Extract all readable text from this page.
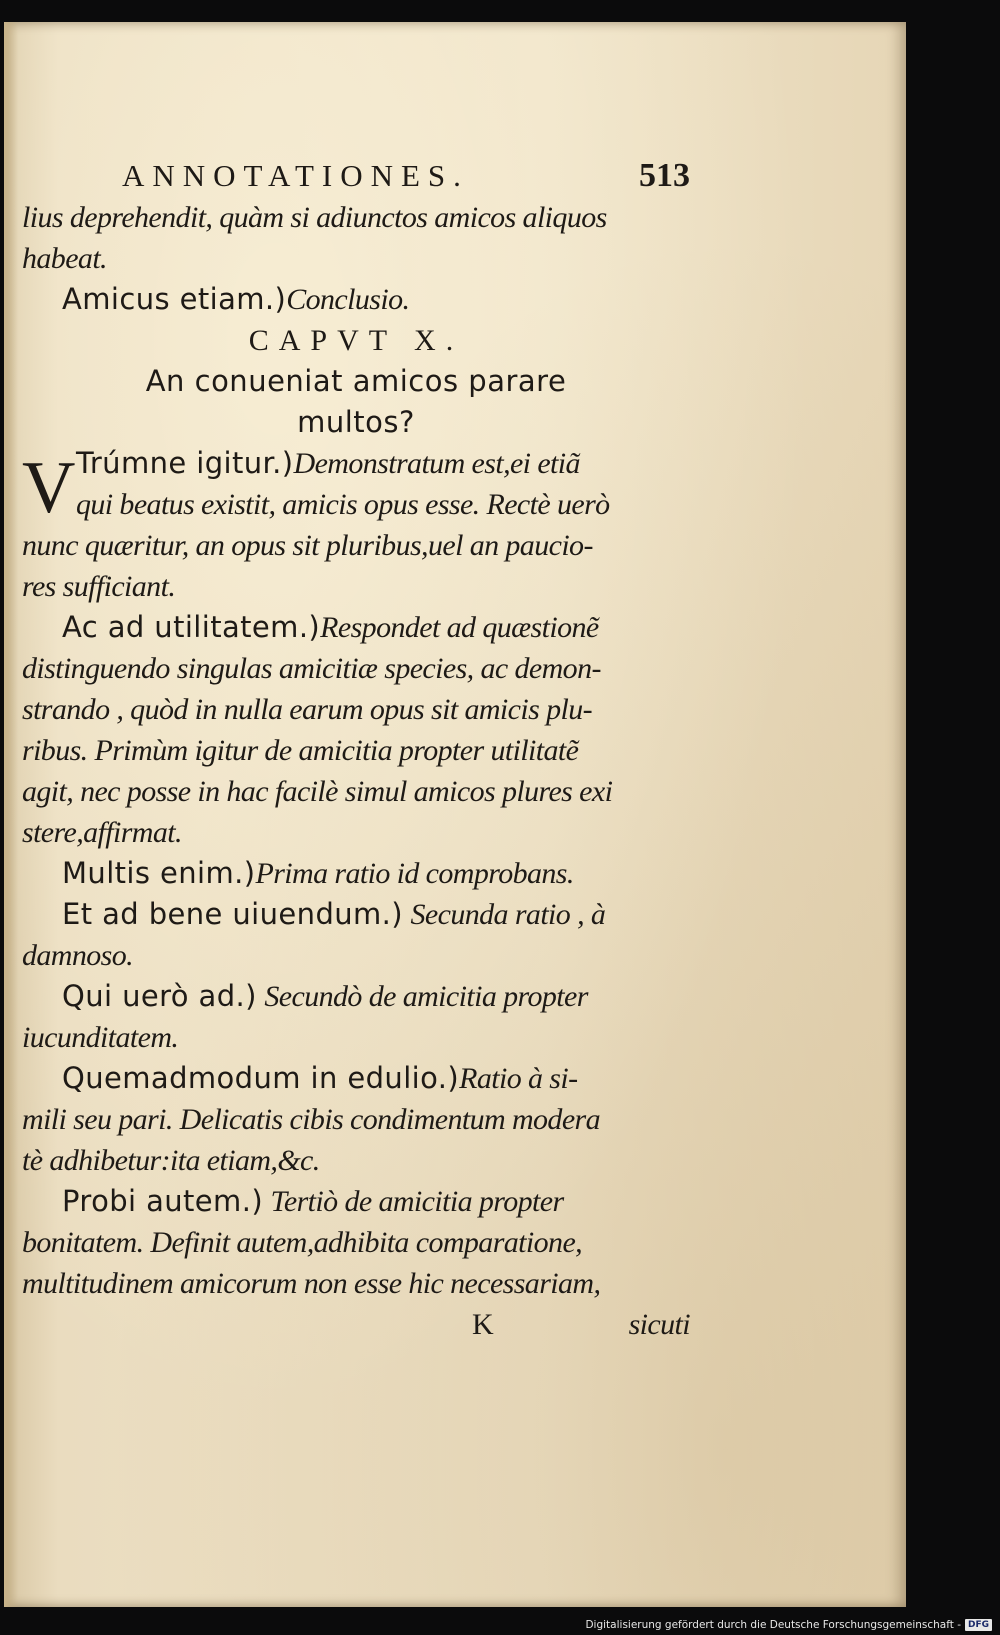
ANNOTATIONES.	513
lius deprehendit, quàm si adiunctos amicos aliquos
habeat.
Amicus etiam.)Conclusio.
CAPVT X.
An conueniat amicos parare
multos?
V Trúmne igitur.)Demonstratum est,ei etiã
qui beatus existit, amicis opus esse. Rectè uerò
nunc quæritur, an opus sit pluribus,uel an paucio-
res sufficiant.
Ac ad utilitatem.)Respondet ad quæstionẽ
distinguendo singulas amicitiæ species, ac demon-
strando , quòd in nulla earum opus sit amicis plu-
ribus. Primùm igitur de amicitia propter utilitatẽ
agit, nec posse in hac facilè simul amicos plures exi
stere,affirmat.
Multis enim.)Prima ratio id comprobans.
Et ad bene uiuendum.) Secunda ratio , à
damnoso.
Qui uerò ad.) Secundò de amicitia propter
iucunditatem.
Quemadmodum in edulio.)Ratio à si-
mili seu pari. Delicatis cibis condimentum modera
tè adhibetur:ita etiam,&c.
Probi autem.) Tertiò de amicitia propter
bonitatem. Definit autem,adhibita comparatione,
multitudinem amicorum non esse hic necessariam,
K	sicuti
Digitalisierung gefördert durch die Deutsche Forschungsgemeinschaft - DFG
